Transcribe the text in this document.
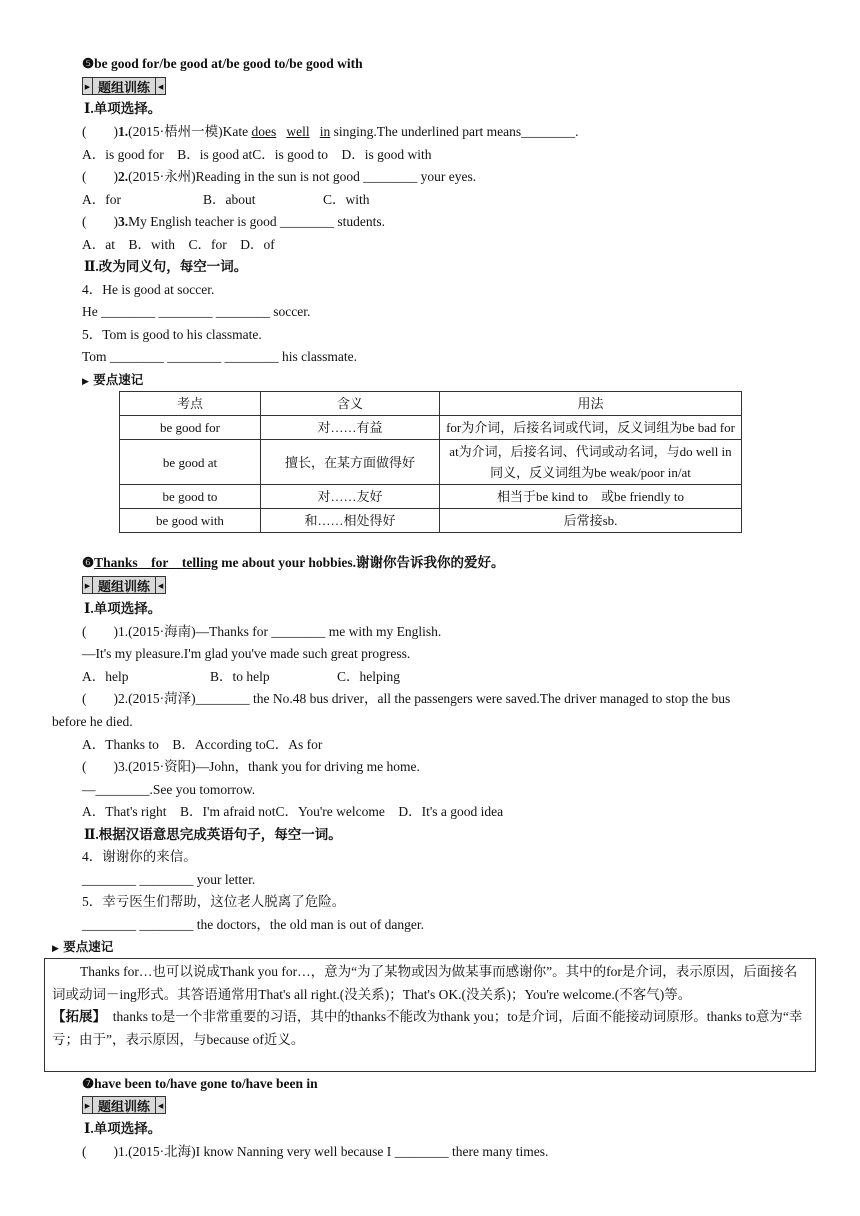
❺be good for/be good at/be good to/be good with
▶ 题组训练	◀
Ⅰ.单项选择。
(　　)1.(2015·梧州一模)Kate does well in singing.The underlined part means________.
A．is good for　B．is good atC．is good to　D．is good with
(　　)2.(2015·永州)Reading in the sun is not good ________ your eyes.
A．for	B．about	C．with
(　　)3.My English teacher is good ________ students.
A．at　B．with　C．for　D．of
Ⅱ.改为同义句，每空一词。
4．He is good at soccer.
He ________ ________ ________ soccer.
5．Tom is good to his classmate.
Tom ________ ________ ________ his classmate.
▶ 要点速记
考点	含义	用法
be good for	对……有益	for为介词，后接名词或代词，反义词组为be bad for
be good at	擅长，在某方面做得好	at为介词，后接名词、代词或动名词，与do well in同义，反义词组为be weak/poor in/at
be good to	对……友好	相当于be kind to　或be friendly to
be good with	和……相处得好	后常接sb.
❻Thanks for telling me about your hobbies.谢谢你告诉我你的爱好。
▶ 题组训练	◀
Ⅰ.单项选择。
(　　)1.(2015·海南)—Thanks for ________ me with my English.
—It's my pleasure.I'm glad you've made such great progress.
A．help	B．to help	C．helping
(　　)2.(2015·菏泽)________ the No.48 bus driver，all the passengers were saved.The driver managed to stop the bus
before he died.
A．Thanks to　B．According toC．As for
(　　)3.(2015·资阳)—John，thank you for driving me home.
—________.See you tomorrow.
A．That's right　B．I'm afraid notC．You're welcome　D．It's a good idea
Ⅱ.根据汉语意思完成英语句子，每空一词。
4．谢谢你的来信。
________ ________ your letter.
5．幸亏医生们帮助，这位老人脱离了危险。
________ ________ the doctors，the old man is out of danger.
▶ 要点速记

Thanks for…也可以说成Thank you for…，意为“为了某物或因为做某事而感谢你”。其中的for是介词，表示原因，后面接名词或动词－ing形式。其答语通常用That's all right.(没关系)；That's OK.(没关系)；You're welcome.(不客气)等。

【拓展】　thanks to是一个非常重要的习语，其中的thanks不能改为thank you；to是介词，后面不能接动词原形。thanks to意为“幸亏；由于”，表示原因，与because of近义。

❼have been to/have gone to/have been in
▶ 题组训练	◀
Ⅰ.单项选择。
(　　)1.(2015·北海)I know Nanning very well because I ________ there many times.
